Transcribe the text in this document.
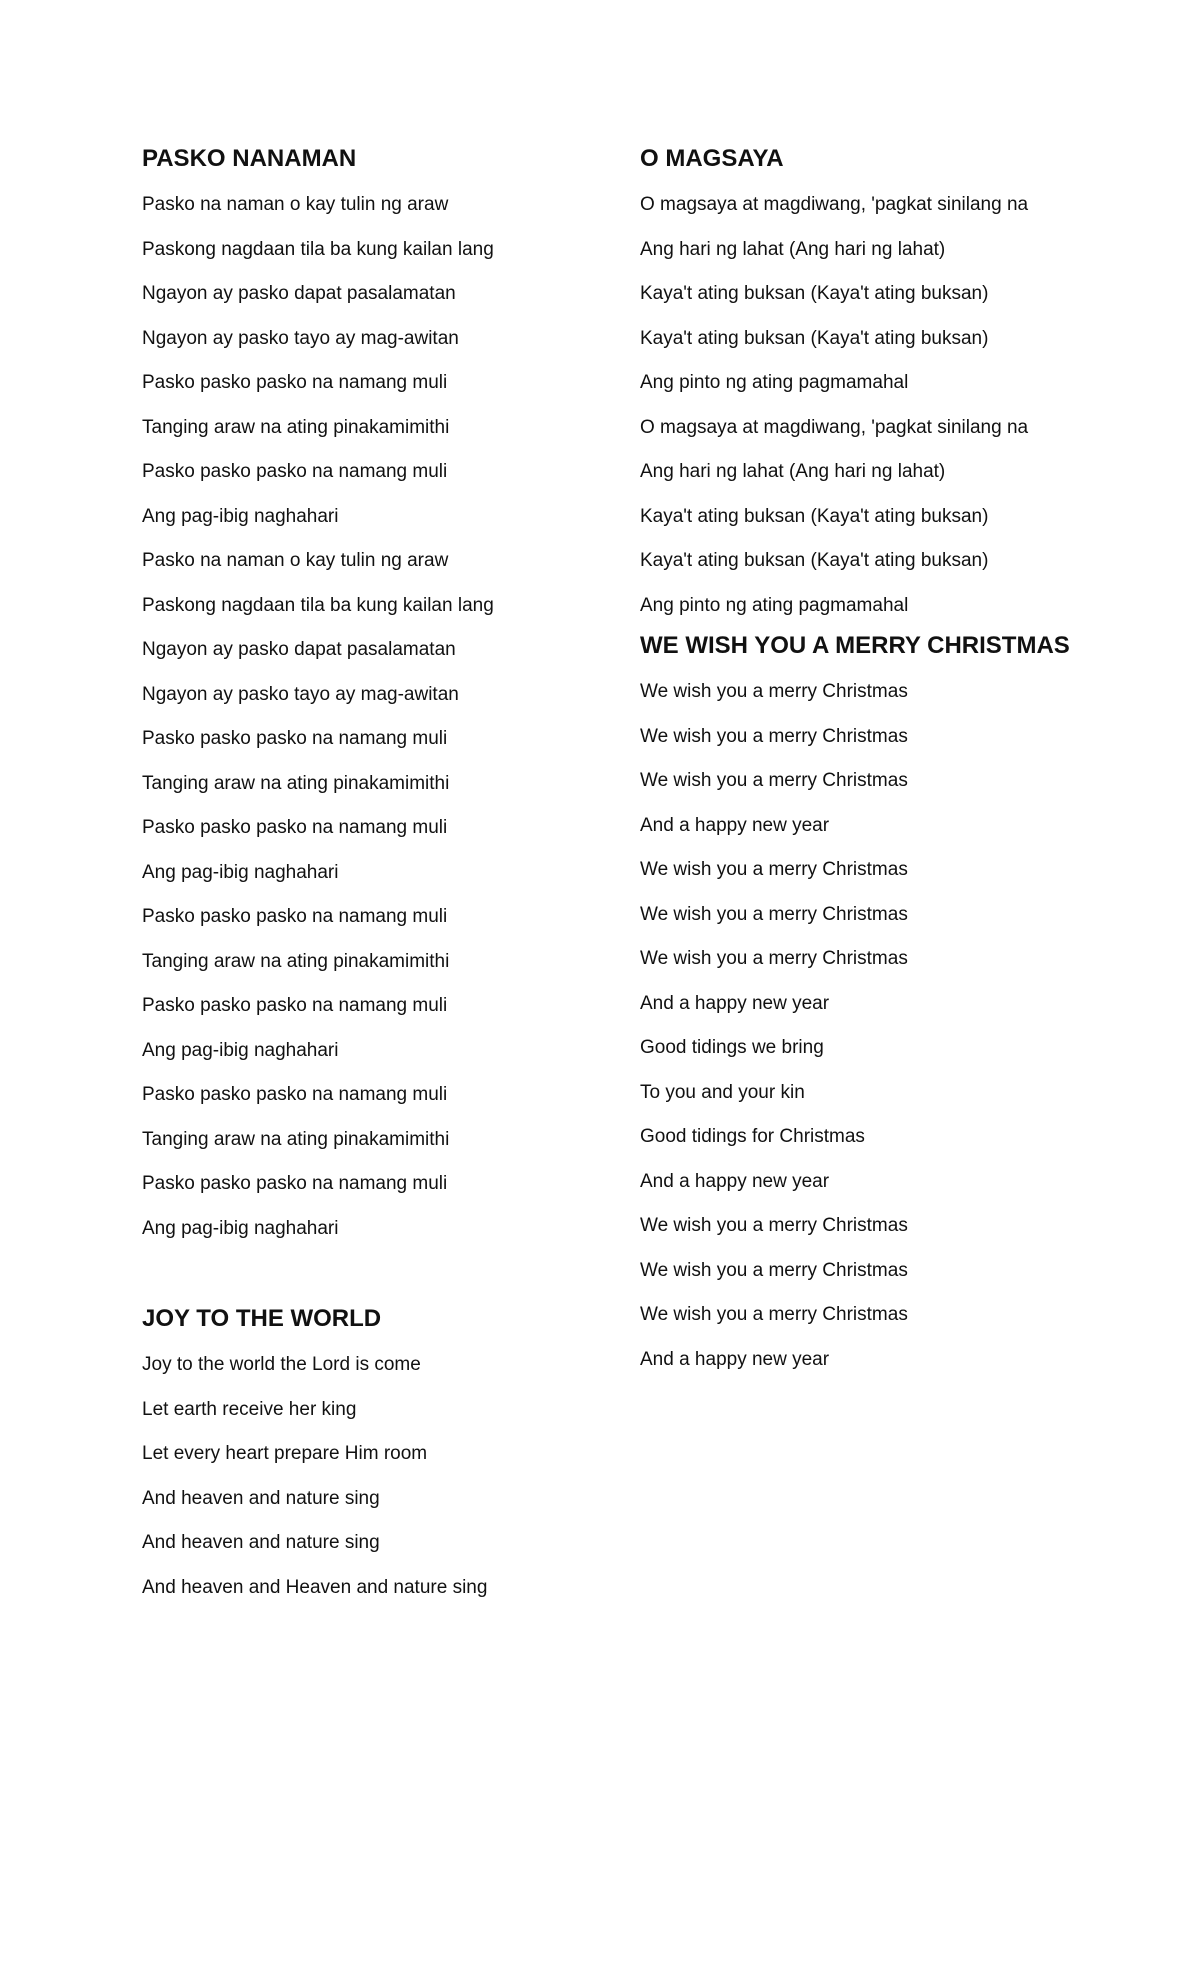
PASKO NANAMAN
Pasko na naman o kay tulin ng araw
Paskong nagdaan tila ba kung kailan lang
Ngayon ay pasko dapat pasalamatan
Ngayon ay pasko tayo ay mag-awitan
Pasko pasko pasko na namang muli
Tanging araw na ating pinakamimithi
Pasko pasko pasko na namang muli
Ang pag-ibig naghahari
Pasko na naman o kay tulin ng araw
Paskong nagdaan tila ba kung kailan lang
Ngayon ay pasko dapat pasalamatan
Ngayon ay pasko tayo ay mag-awitan
Pasko pasko pasko na namang muli
Tanging araw na ating pinakamimithi
Pasko pasko pasko na namang muli
Ang pag-ibig naghahari
Pasko pasko pasko na namang muli
Tanging araw na ating pinakamimithi
Pasko pasko pasko na namang muli
Ang pag-ibig naghahari
Pasko pasko pasko na namang muli
Tanging araw na ating pinakamimithi
Pasko pasko pasko na namang muli
Ang pag-ibig naghahari
JOY TO THE WORLD
Joy to the world the Lord is come
Let earth receive her king
Let every heart prepare Him room
And heaven and nature sing
And heaven and nature sing
And heaven and Heaven and nature sing
O MAGSAYA
O magsaya at magdiwang, 'pagkat sinilang na
Ang hari ng lahat (Ang hari ng lahat)
Kaya't ating buksan (Kaya't ating buksan)
Kaya't ating buksan (Kaya't ating buksan)
Ang pinto ng ating pagmamahal
O magsaya at magdiwang, 'pagkat sinilang na
Ang hari ng lahat (Ang hari ng lahat)
Kaya't ating buksan (Kaya't ating buksan)
Kaya't ating buksan (Kaya't ating buksan)
Ang pinto ng ating pagmamahal
WE WISH YOU A MERRY CHRISTMAS
We wish you a merry Christmas
We wish you a merry Christmas
We wish you a merry Christmas
And a happy new year
We wish you a merry Christmas
We wish you a merry Christmas
We wish you a merry Christmas
And a happy new year
Good tidings we bring
To you and your kin
Good tidings for Christmas
And a happy new year
We wish you a merry Christmas
We wish you a merry Christmas
We wish you a merry Christmas
And a happy new year
